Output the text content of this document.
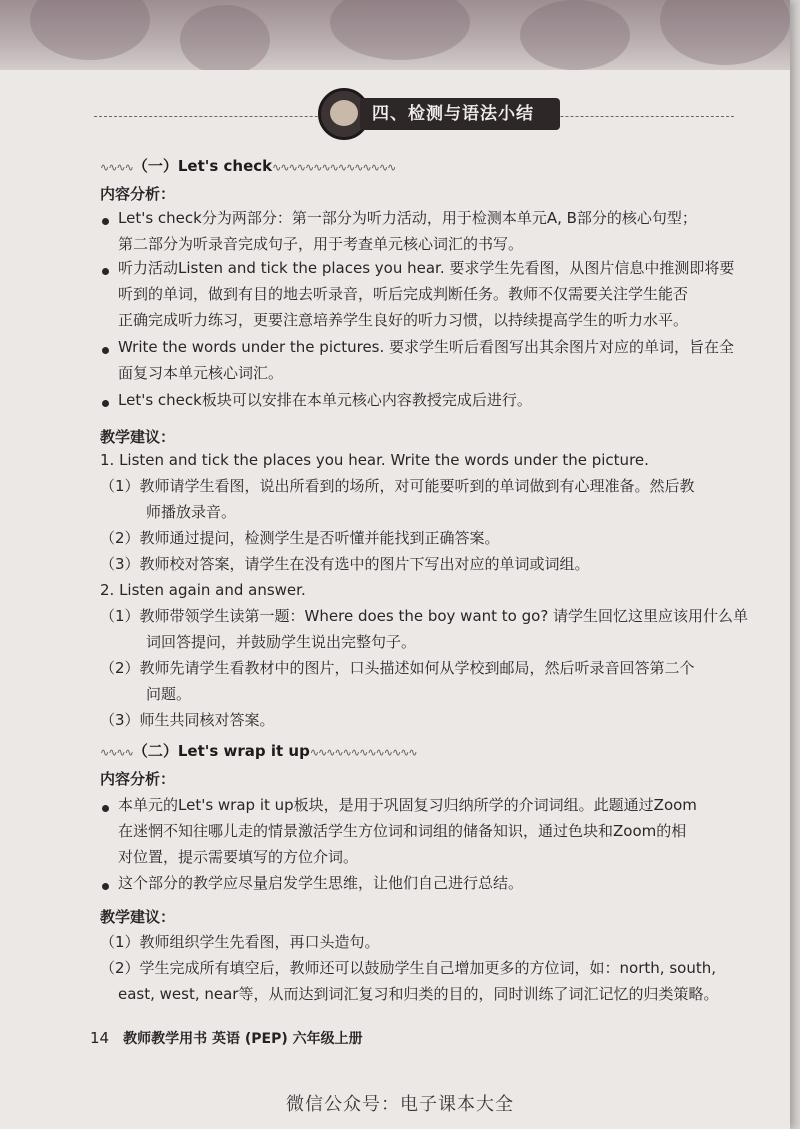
四、检测与语法小结
∿∿∿∿（一）Let's check∿∿∿∿∿∿∿∿∿∿∿∿∿∿∿
内容分析：
Let's check分为两部分：第一部分为听力活动，用于检测本单元A, B部分的核心句型；
第二部分为听录音完成句子，用于考查单元核心词汇的书写。
听力活动Listen and tick the places you hear. 要求学生先看图，从图片信息中推测即将要
听到的单词，做到有目的地去听录音，听后完成判断任务。教师不仅需要关注学生能否
正确完成听力练习，更要注意培养学生良好的听力习惯，以持续提高学生的听力水平。
Write the words under the pictures. 要求学生听后看图写出其余图片对应的单词，旨在全
面复习本单元核心词汇。
Let's check板块可以安排在本单元核心内容教授完成后进行。
教学建议：
1. Listen and tick the places you hear. Write the words under the picture.
（1）教师请学生看图，说出所看到的场所，对可能要听到的单词做到有心理准备。然后教
师播放录音。
（2）教师通过提问，检测学生是否听懂并能找到正确答案。
（3）教师校对答案，请学生在没有选中的图片下写出对应的单词或词组。
2. Listen again and answer.
（1）教师带领学生读第一题：Where does the boy want to go? 请学生回忆这里应该用什么单
词回答提问，并鼓励学生说出完整句子。
（2）教师先请学生看教材中的图片，口头描述如何从学校到邮局，然后听录音回答第二个
问题。
（3）师生共同核对答案。
∿∿∿∿（二）Let's wrap it up∿∿∿∿∿∿∿∿∿∿∿∿∿
内容分析：
本单元的Let's wrap it up板块，是用于巩固复习归纳所学的介词词组。此题通过Zoom
在迷惘不知往哪儿走的情景激活学生方位词和词组的储备知识，通过色块和Zoom的相
对位置，提示需要填写的方位介词。
这个部分的教学应尽量启发学生思维，让他们自己进行总结。
教学建议：
（1）教师组织学生先看图，再口头造句。
（2）学生完成所有填空后，教师还可以鼓励学生自己增加更多的方位词，如：north, south,
east, west, near等，从而达到词汇复习和归类的目的，同时训练了词汇记忆的归类策略。
14 教师教学用书 英语 (PEP) 六年级上册
微信公众号：电子课本大全
